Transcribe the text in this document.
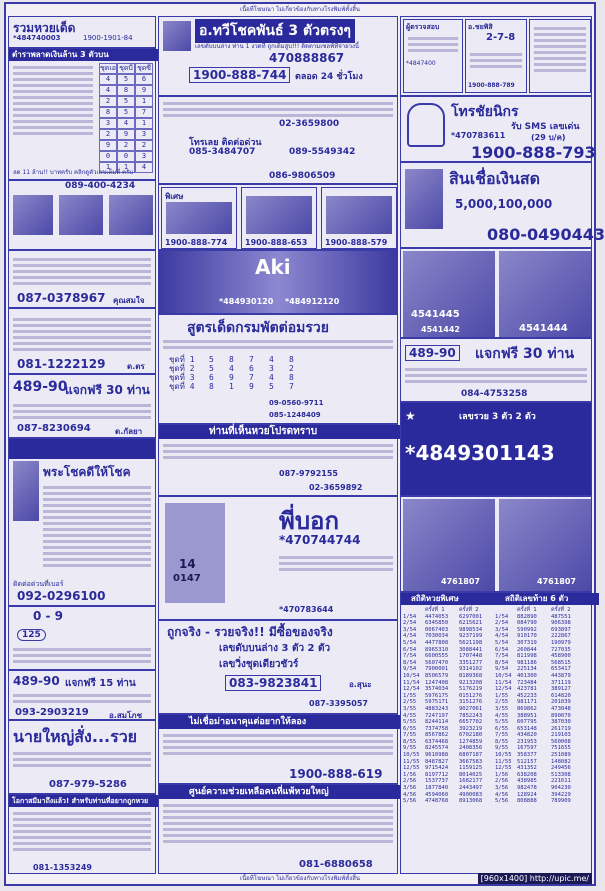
เนื้อที่โฆษณา ไม่เกี่ยวข้องกับทางโรงพิมพ์ทั้งสิ้น
รวมหวยเด็ด
*484740003	1900-1901-84
ตำราพลาดเงินล้าน 3 ตัวบน
ชุดเอ ชุดบี ชุดซี
4	5	6
4	8	9
2	5	1
8	5	7
3	4	1
2	9	3
9	2	2
0	0	3
1	1	4
ลด 11 ล้าน!! บาทครับ คลิกดูตัวเลขเต็มที่ ครับ
089-400-4234
087-0378967 คุณสมใจ
081-1222129	ด.ตร
489-90
แจกฟรี 30 ท่าน
087-8230694	ด.กัลยา
พระโชคดีให้โชค
ติดต่อด่วนที่เบอร์
092-0296100
0 - 9
125
489-90 แจกฟรี 15 ท่าน
093-2903219	อ.สมโภช
นายใหญ่สั่ง...รวย
087-979-5286
โอกาสมีมาถึงแล้ว! สำหรับท่านที่อยากถูกหวย
081-1353249
อ.ทวีโชคพันธ์ 3 ตัวตรงๆ
เลขดับบนล่าง ท่าน 1 งวดที่ ถูกเต็มสูบ!!! ติดตามเซลฟ์ที่จ่ายวงนี้
470888867
1900-888-744 ตลอด 24 ชั่วโมง
02-3659800
โทรเลย ติดต่อด่วน
085-3484707	089-5549342
086-9806509
พิเศษ
1900-888-774 1900-888-653 1900-888-579
Aki
*484930120 *484912120
สูตรเด็ดกรมพัตต่อมรวย
ชุดที่ 1	5	8	7	4	8
ชุดที่ 2	5	4	6	3	2
ชุดที่ 3	6	9	7	4	8
ชุดที่ 4	8	1	9	5	7
09-0560-9711
085-1248409
ท่านที่เห็นหวยโปรดทราบ
087-9792155
02-3659892
14
0147
พี่บอก
*470744744
*470783644
ถูกจริง - รวยจริง!! มีซื้อของจริง
เลขดับบนล่าง 3 ตัว 2 ตัว
เลขวิ่งชุดเดียวชัวร์
083-9823841	อ.สุนะ
087-3395057
ไม่เชื่อม่าอนาคุแต่อยากให้ลอง
1900-888-619
ศูนย์ความช่วยเหลือคนที่แพ้หวยใหญ่
081-6880658
ผู้ตรวจสอบ
*4847400
อ.ชยพิสิ
2-7-8
1900-888-789
โทรชัยนิกร
รับ SMS เลขเด่น
*470783611	(29 บ/ค)
1900-888-793
สินเชื่อเงินสด
5,000,100,000
080-0490443
4541445
4541442	4541444
489-90 แจกฟรี 30 ท่าน
084-4753258
★	เลขรวย 3 ตัว 2 ตัว
*4849301143
4761807	4761807
สถิติหวยพิเศษ	สถิติเลขท้าย 6 ตัว
ครั้งที่ 1	ครั้งที่ 2	ครั้งที่ 1	ครั้งที่ 2
1/54	4474053	6297001	1/54	882890	487551
2/54	6345850	6215621	2/54	084790	906398
3/54	0067403	9898534	3/54	590992	693897
4/54	7030034	9237199	4/54	910170	222867
5/54	4477808	5621198	5/54	307319	190979
6/54	8965310	3088441	6/54	260844	727035
7/54	6600555	1707448	7/54	811998	458900
8/54	5607470	3351277	8/54	981186	568515
9/54	7900001	9314102	9/54	225134	653417
10/54 8506579	8189368	10/54 401300	443879
11/54 1247408	9213208	11/54 723484	371119
12/54 3574034	5176219	12/54 423781	389127
1/55	5976175	0151276	1/55	452233	614820
2/55	5975171	3151276	2/55	981171	201039
3/55	4883243	9027061	3/55	869862	473048
4/55	7247197	7852243	4/55	388951	890070
5/55	8244114	6657702	5/55	607795	387030
6/55	7374758	3923219	6/55	653148	261719
7/55	8567862	6702180	7/55	434820	219103
8/55	6374468	1274859	8/55	231953	560008
9/55	8245574	2408356	9/55	167597	751655
10/55 9610988	6807187	10/55 358377	251089
11/55 8487827	3667583	11/55 512157	148082
12/55 9715424	1159125	12/55 431352	249456
1/56	8197712	8014025	1/56	638208	513308
2/56	1537737	1682177	2/56	438985	221611
3/56	1877840	2443497	3/56	982478	904230
4/56	4594060	4900083	4/56	128924	394229
5/56	4748768	8913068	5/56	808888	789909
เนื้อที่โฆษณา ไม่เกี่ยวข้องกับทางโรงพิมพ์ทั้งสิ้น	[960x1400] http://upic.me/
